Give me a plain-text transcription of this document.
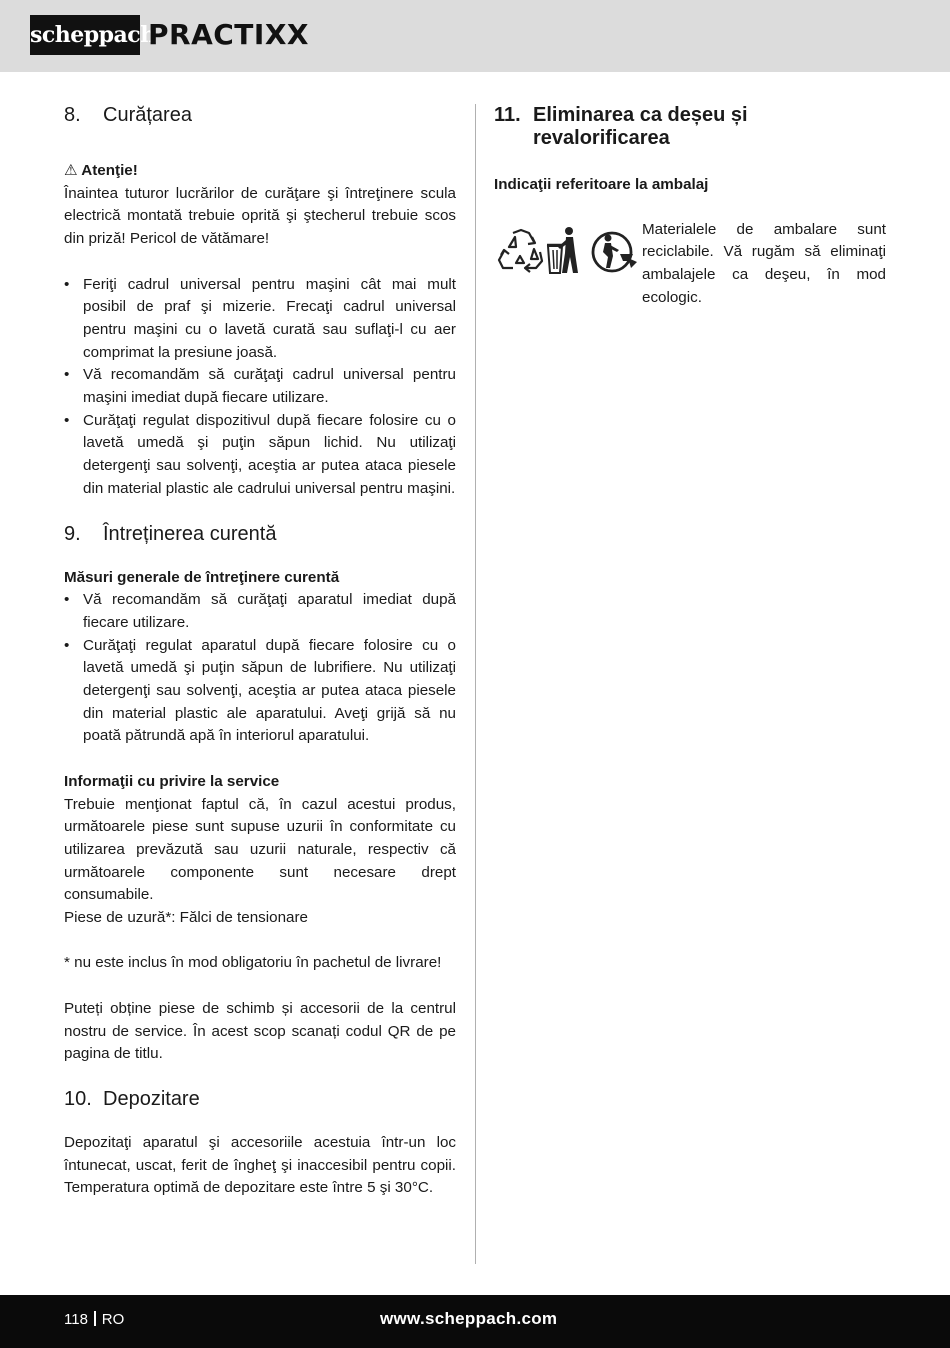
scheppach
PRACTIXX
8.	Curățarea
⚠ Atenţie!

Înaintea tuturor lucrărilor de curăţare şi întreţinere scula electrică montată trebuie oprită şi ştecherul trebuie scos din priză! Pericol de vătămare!

• Feriţi cadrul universal pentru maşini cât mai mult posibil de praf şi mizerie. Frecaţi cadrul universal pentru maşini cu o lavetă curată sau suflaţi-l cu aer comprimat la presiune joasă.
• Vă recomandăm să curăţaţi cadrul universal pentru maşini imediat după fiecare utilizare.
• Curăţaţi regulat dispozitivul după fiecare folosire cu o lavetă umedă şi puţin săpun lichid. Nu utilizaţi detergenţi sau solvenţi, aceştia ar putea ataca piesele din material plastic ale cadrului universal pentru maşini.
9.	Întreținerea curentă
Măsuri generale de întreţinere curentă
• Vă recomandăm să curăţaţi aparatul imediat după fiecare utilizare.
• Curăţaţi regulat aparatul după fiecare folosire cu o lavetă umedă şi puţin săpun de lubrifiere. Nu utilizaţi detergenţi sau solvenţi, aceştia ar putea ataca piesele din material plastic ale aparatului. Aveţi grijă să nu poată pătrundă apă în interiorul aparatului.
Informaţii cu privire la service

Trebuie menţionat faptul că, în cazul acestui produs, următoarele piese sunt supuse uzurii în conformitate cu utilizarea prevăzută sau uzurii naturale, respectiv că următoarele componente sunt necesare drept consumabile.

Piese de uzură*: Fălci de tensionare

* nu este inclus în mod obligatoriu în pachetul de livrare!

Puteți obține piese de schimb și accesorii de la centrul nostru de service. În acest scop scanați codul QR de pe pagina de titlu.

10. Depozitare

Depozitaţi aparatul şi accesoriile acestuia într-un loc întunecat, uscat, ferit de îngheţ şi inaccesibil pentru copii. Temperatura optimă de depozitare este între 5 şi 30°C.

11. Eliminarea ca deșeu și revalorificarea
Indicaţii referitoare la ambalaj

Materialele de ambalare sunt reciclabile. Vă rugăm să eliminaţi ambalajele ca deşeu, în mod ecologic.

118 RO	www.scheppach.com
